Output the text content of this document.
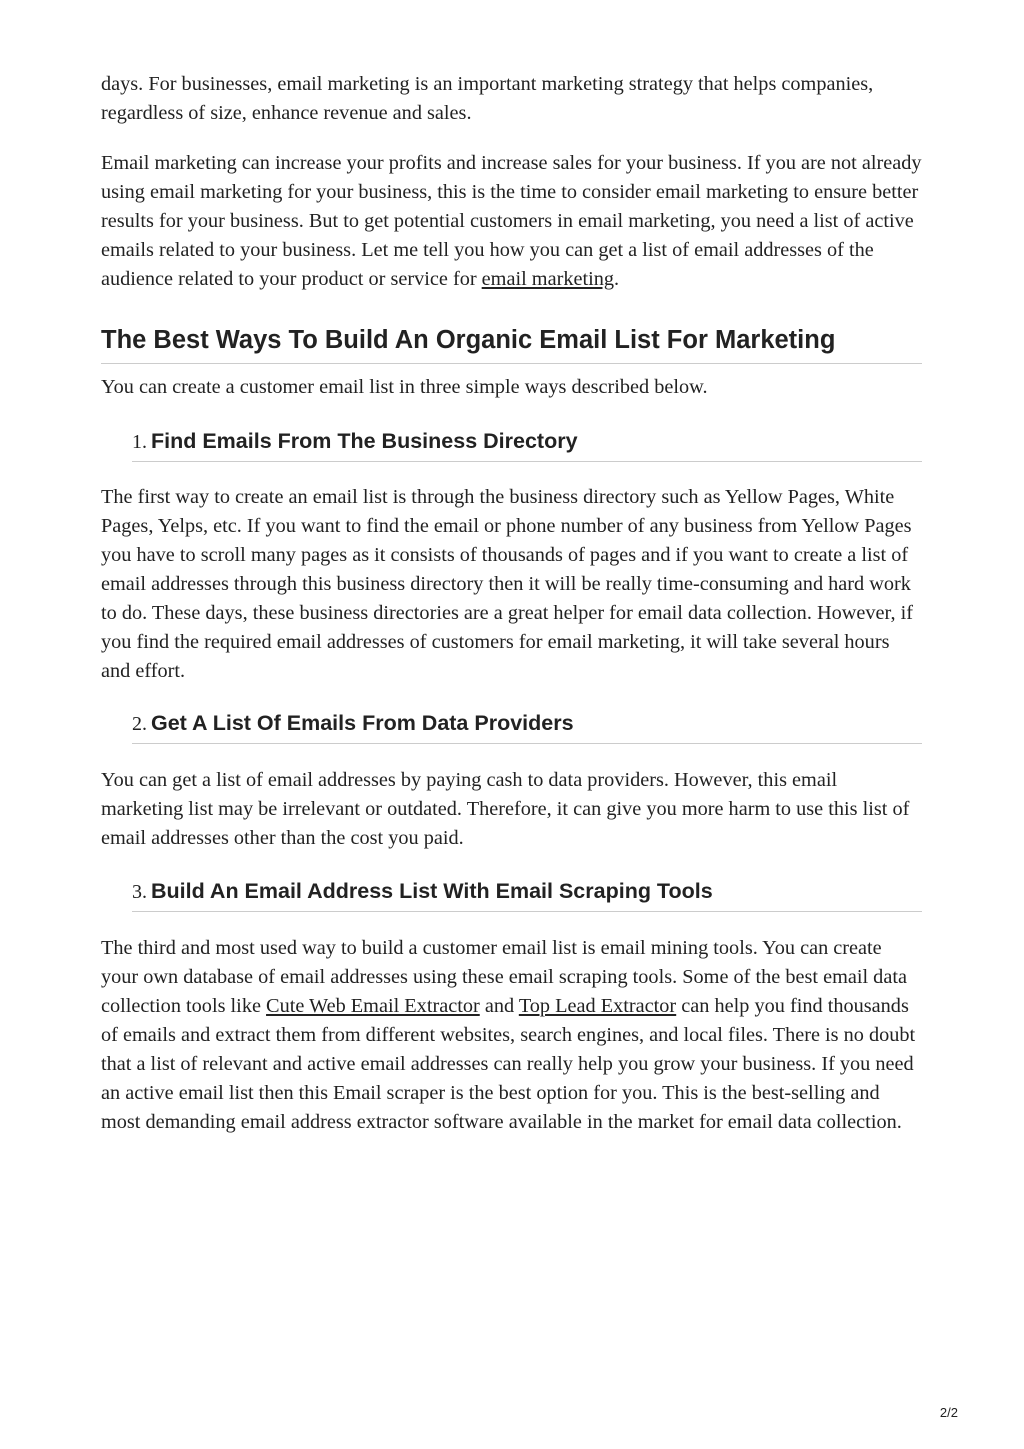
days. For businesses, email marketing is an important marketing strategy that helps companies, regardless of size, enhance revenue and sales.

Email marketing can increase your profits and increase sales for your business. If you are not already using email marketing for your business, this is the time to consider email marketing to ensure better results for your business. But to get potential customers in email marketing, you need a list of active emails related to your business. Let me tell you how you can get a list of email addresses of the audience related to your product or service for email marketing.

The Best Ways To Build An Organic Email List For Marketing

You can create a customer email list in three simple ways described below.

1. Find Emails From The Business Directory

The first way to create an email list is through the business directory such as Yellow Pages, White Pages, Yelps, etc. If you want to find the email or phone number of any business from Yellow Pages you have to scroll many pages as it consists of thousands of pages and if you want to create a list of email addresses through this business directory then it will be really time-consuming and hard work to do. These days, these business directories are a great helper for email data collection. However, if you find the required email addresses of customers for email marketing, it will take several hours and effort.

2. Get A List Of Emails From Data Providers

You can get a list of email addresses by paying cash to data providers. However, this email marketing list may be irrelevant or outdated. Therefore, it can give you more harm to use this list of email addresses other than the cost you paid.

3. Build An Email Address List With Email Scraping Tools

The third and most used way to build a customer email list is email mining tools. You can create your own database of email addresses using these email scraping tools. Some of the best email data collection tools like Cute Web Email Extractor and Top Lead Extractor can help you find thousands of emails and extract them from different websites, search engines, and local files. There is no doubt that a list of relevant and active email addresses can really help you grow your business. If you need an active email list then this Email scraper is the best option for you. This is the best-selling and most demanding email address extractor software available in the market for email data collection.

2/2
